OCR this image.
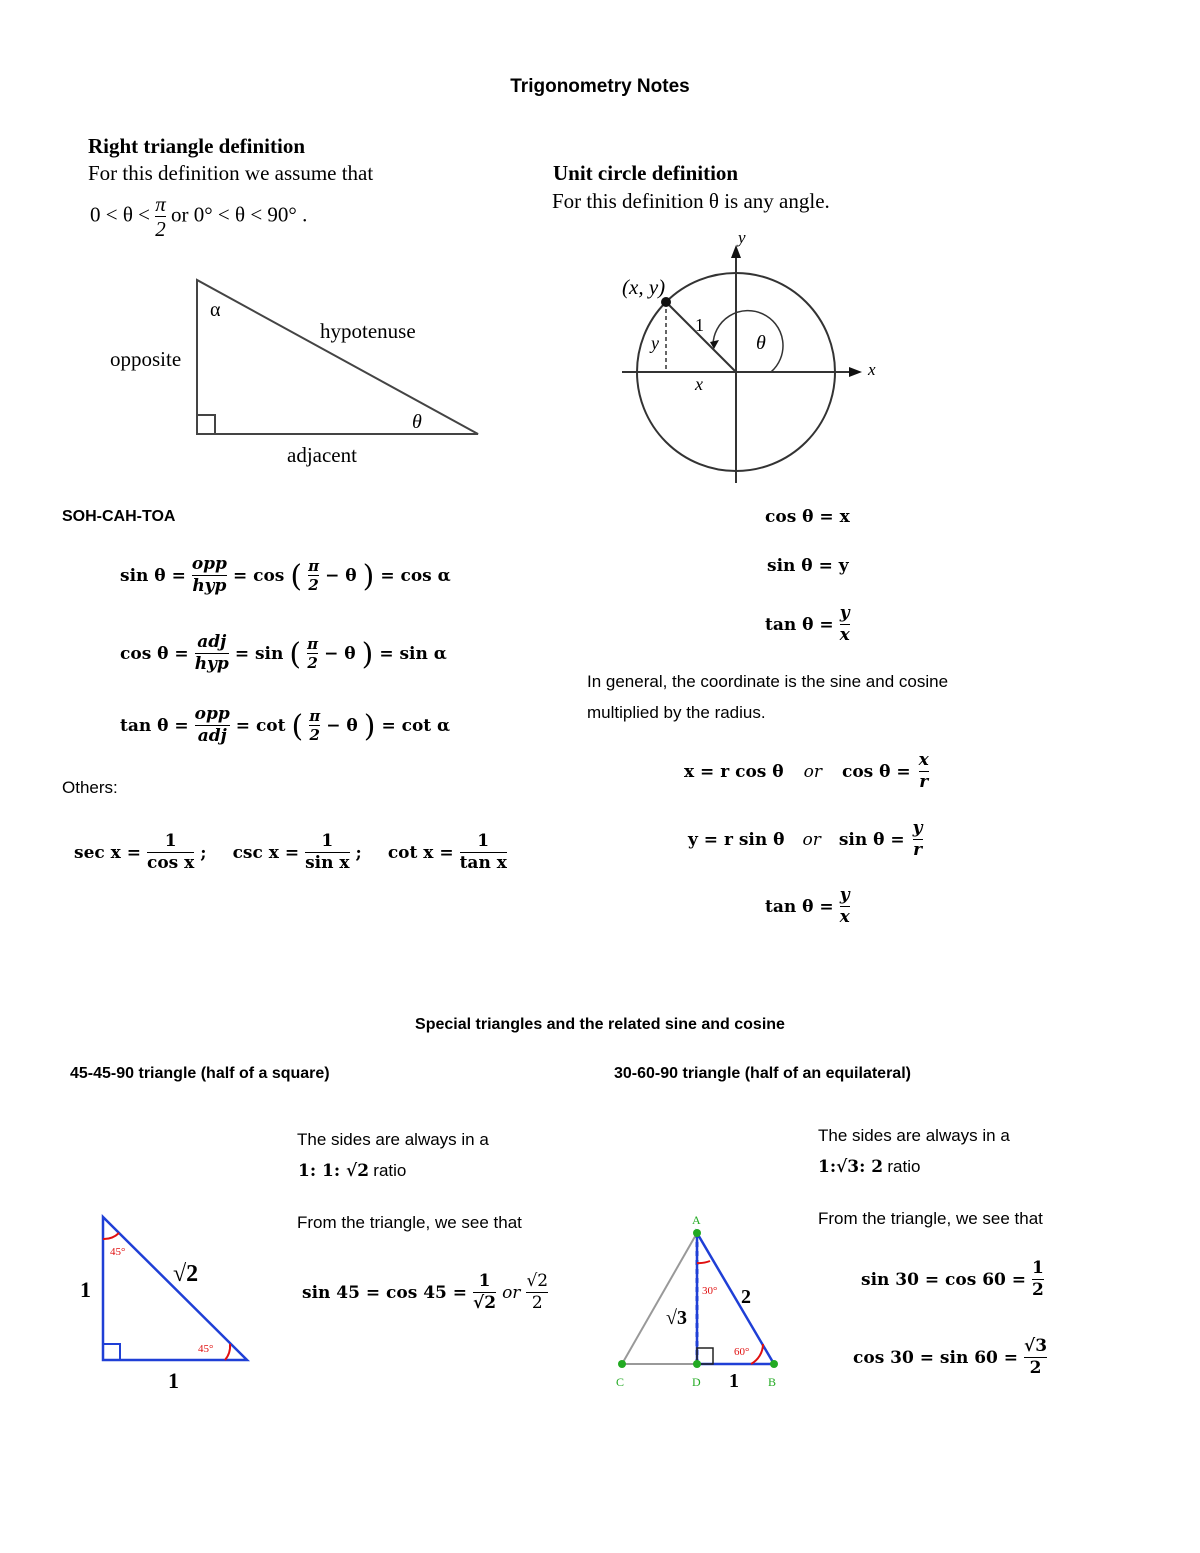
Trigonometry Notes
Right triangle definition
For this definition we assume that
$0 < \theta < \frac{\pi}{2}$ or 0° < θ < 90° .
α
hypotenuse
opposite
θ
adjacent
Unit circle definition
For this definition θ is any angle.
y
x
(x, y)
1
y
x
θ
SOH-CAH-TOA
$\sin \theta = \frac{\text{opp}}{\text{hyp}} = \cos$ ( $\frac{\pi}{2} - \theta$ ) = cos α
$\cos \theta = \frac{\text{adj}}{\text{hyp}} = \sin$ ( $\frac{\pi}{2} - \theta$ ) = sin α
$\tan \theta = \frac{\text{opp}}{\text{adj}} = \cot$ ( $\frac{\pi}{2} - \theta$ ) = cot α
Others:
$\sec x = \frac{1}{\text{cos x}}$ ; $\csc x = \frac{1}{\text{sin x}}$ ; $\cot x = \frac{1}{\text{tan x}}$
cos θ = x
sin θ = y
$\tan \theta = \frac{y}{x}$
In general, the coordinate is the sine and cosine
multiplied by the radius.
x = r cos θ or $\cos \theta = \frac{x}{r}$
y = r sin θ or $\sin \theta = \frac{y}{r}$
$\tan \theta = \frac{y}{x}$
Special triangles and the related sine and cosine
45-45-90 triangle (half of a square)	30-60-90 triangle (half of an equilateral)
45°
45°
√2
1
1
The sides are always in a
1: 1: √2 ratio
From the triangle, we see that
$\sin 45 = \cos 45 = \frac{1}{√2}$ or $\frac{√2}{2}$
A
C	D	B
30°
60°
2
√3
1
The sides are always in a
1:√3: 2 ratio
From the triangle, we see that
$\sin 30 = \cos 60 = \frac{1}{2}$
$\cos 30 = \sin 60 = \frac{√3}{2}$
